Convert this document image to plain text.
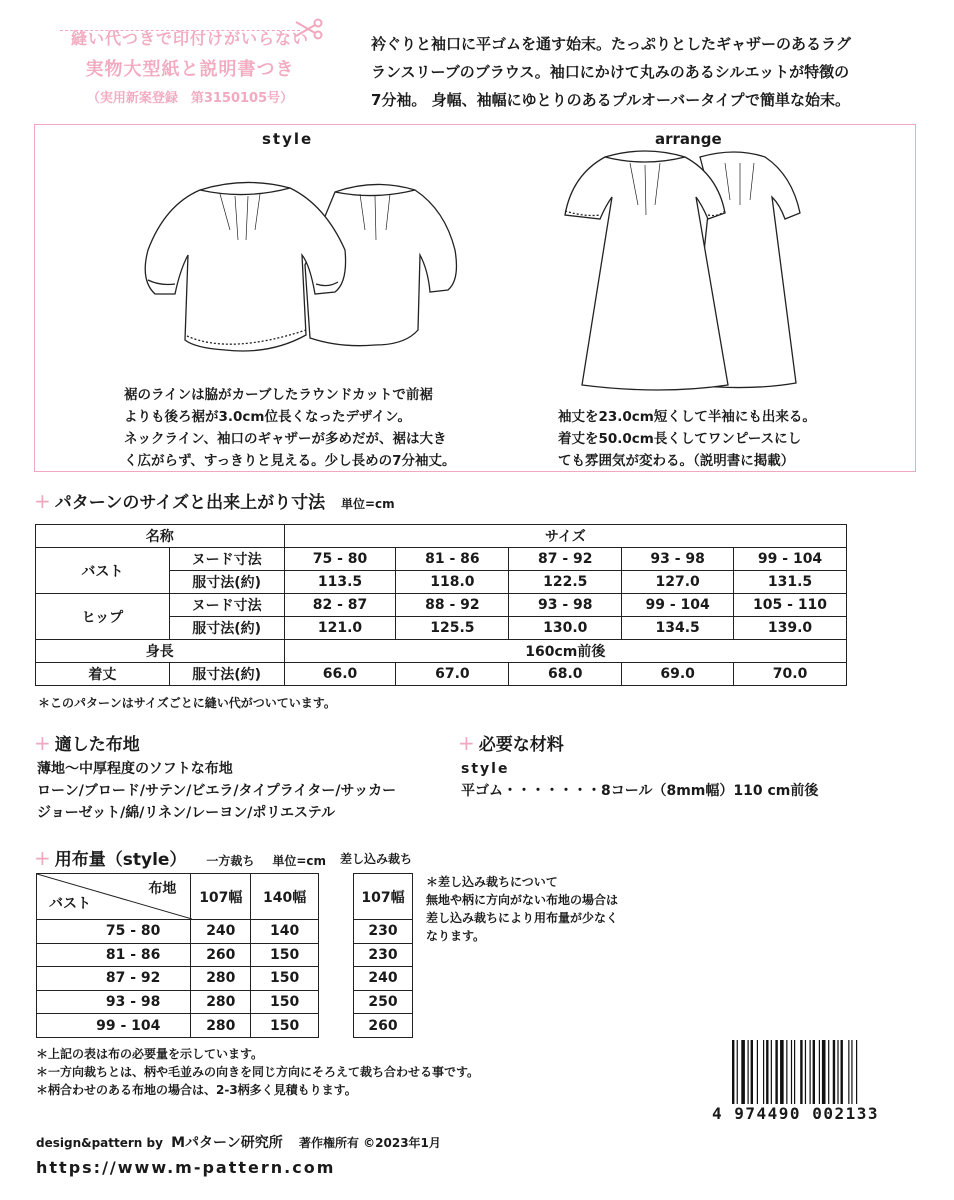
縫い代つきで印付けがいらない
実物大型紙と説明書つき
（実用新案登録　第3150105号）
衿ぐりと袖口に平ゴムを通す始末。たっぷりとしたギャザーのあるラグ
ランスリーブのブラウス。袖口にかけて丸みのあるシルエットが特徴の
7分袖。 身幅、袖幅にゆとりのあるプルオーバータイプで簡単な始末。
style	arrange
裾のラインは脇がカーブしたラウンドカットで前裾
よりも後ろ裾が3.0cm位長くなったデザイン。
ネックライン、袖口のギャザーが多めだが、裾は大き
く広がらず、すっきりと見える。少し長めの7分袖丈。
袖丈を23.0cm短くして半袖にも出来る。
着丈を50.0cm長くしてワンピースにし
ても雰囲気が変わる。（説明書に掲載）
+ パターンのサイズと出来上がり寸法 単位=cm
名称		サイズ				
バスト	ヌード寸法	75 - 80	81 - 86	87 - 92	93 - 98	99 - 104
	服寸法(約)	113.5	118.0	122.5	127.0	131.5
ヒップ	ヌード寸法	82 - 87	88 - 92	93 - 98	99 - 104	105 - 110
	服寸法(約)	121.0	125.5	130.0	134.5	139.0
身長		160cm前後				
着丈	服寸法(約)	66.0	67.0	68.0	69.0	70.0
＊このパターンはサイズごとに縫い代がついています。
+ 適した布地
薄地〜中厚程度のソフトな布地
ローン/ブロード/サテン/ビエラ/タイプライター/サッカー
ジョーゼット/綿/リネン/レーヨン/ポリエステル
+ 必要な材料
style
平ゴム・・・・・・・8コール（8mm幅）110 cm前後
+ 用布量（style） 一方裁ち 単位=cm 差し込み裁ち
布地
バスト	107幅	140幅
75 - 80	240	140
81 - 86	260	150
87 - 92	280	150
93 - 98	280	150
99 - 104	280	150
107幅
230
230
240
250
260
＊差し込み裁ちについて
無地や柄に方向がない布地の場合は
差し込み裁ちにより用布量が少なく
なります。
＊上記の表は布の必要量を示しています。
＊一方向裁ちとは、柄や毛並みの向きを同じ方向にそろえて裁ち合わせる事です。
＊柄合わせのある布地の場合は、2-3柄多く見積もります。
4 974490 002133
design&pattern by Mパターン研究所 著作権所有 ©2023年1月
https://www.m-pattern.com
